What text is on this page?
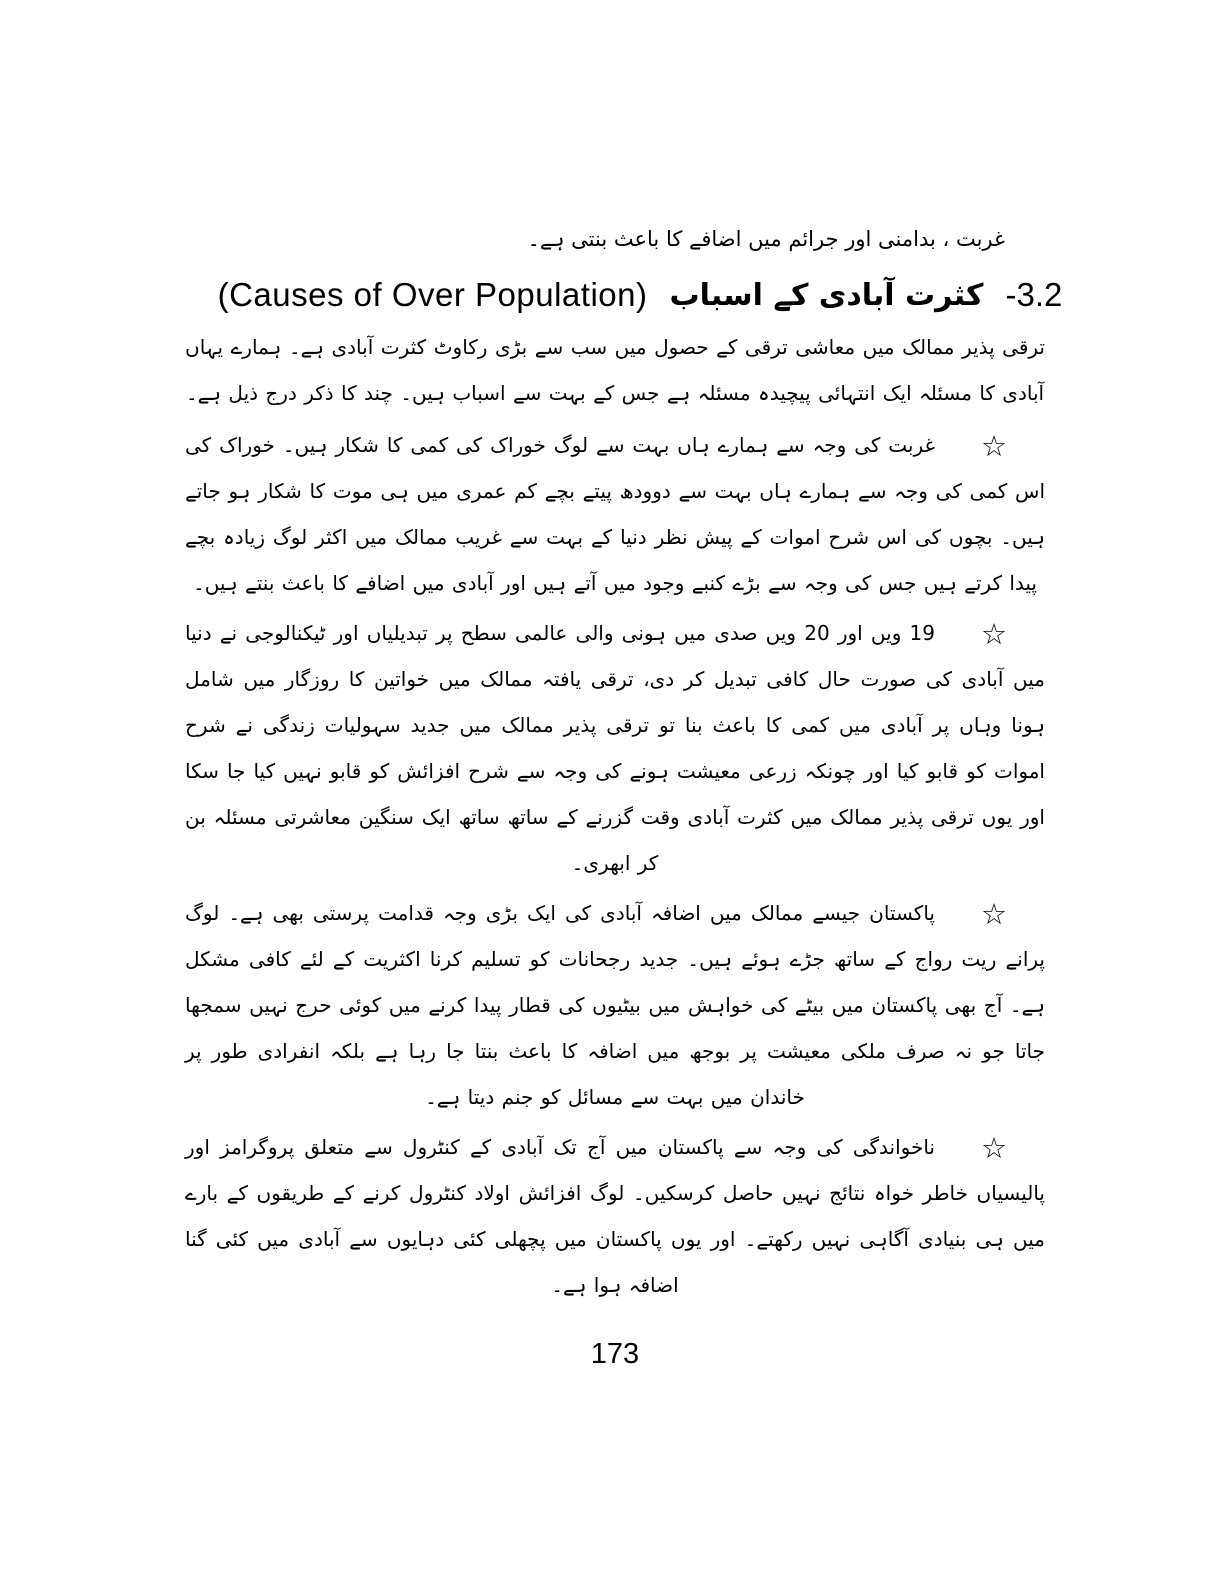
غربت ، بدامنی اور جرائم میں اضافے کا باعث بنتی ہے۔

(Causes of Over Population) کثرت آبادی کے اسباب -3.2

ترقی پذیر ممالک میں معاشی ترقی کے حصول میں سب سے بڑی رکاوٹ کثرت آبادی ہے۔ ہمارے یہاں آبادی کا مسئلہ ایک انتہائی پیچیدہ مسئلہ ہے جس کے بہت سے اسباب ہیں۔ چند کا ذکر درج ذیل ہے۔

☆

غربت کی وجہ سے ہمارے ہاں بہت سے لوگ خوراک کی کمی کا شکار ہیں۔ خوراک کی اس کمی کی وجہ سے ہمارے ہاں بہت سے دوودھ پیتے بچے کم عمری میں ہی موت کا شکار ہو جاتے ہیں۔ بچوں کی اس شرح اموات کے پیش نظر دنیا کے بہت سے غریب ممالک میں اکثر لوگ زیادہ بچے پیدا کرتے ہیں جس کی وجہ سے بڑے کنبے وجود میں آتے ہیں اور آبادی میں اضافے کا باعث بنتے ہیں۔

☆

19 ویں اور 20 ویں صدی میں ہونی والی عالمی سطح پر تبدیلیاں اور ٹیکنالوجی نے دنیا میں آبادی کی صورت حال کافی تبدیل کر دی، ترقی یافتہ ممالک میں خواتین کا روزگار میں شامل ہونا وہاں پر آبادی میں کمی کا باعث بنا تو ترقی پذیر ممالک میں جدید سہولیات زندگی نے شرح اموات کو قابو کیا اور چونکہ زرعی معیشت ہونے کی وجہ سے شرح افزائش کو قابو نہیں کیا جا سکا اور یوں ترقی پذیر ممالک میں کثرت آبادی وقت گزرنے کے ساتھ ساتھ ایک سنگین معاشرتی مسئلہ بن کر ابھری۔

☆

پاکستان جیسے ممالک میں اضافہ آبادی کی ایک بڑی وجہ قدامت پرستی بھی ہے۔ لوگ پرانے ریت رواج کے ساتھ جڑے ہوئے ہیں۔ جدید رجحانات کو تسلیم کرنا اکثریت کے لئے کافی مشکل ہے۔ آج بھی پاکستان میں بیٹے کی خواہش میں بیٹیوں کی قطار پیدا کرنے میں کوئی حرج نہیں سمجھا جاتا جو نہ صرف ملکی معیشت پر بوجھ میں اضافہ کا باعث بنتا جا رہا ہے بلکہ انفرادی طور پر خاندان میں بہت سے مسائل کو جنم دیتا ہے۔

☆

ناخواندگی کی وجہ سے پاکستان میں آج تک آبادی کے کنٹرول سے متعلق پروگرامز اور پالیسیاں خاطر خواہ نتائج نہیں حاصل کرسکیں۔ لوگ افزائش اولاد کنٹرول کرنے کے طریقوں کے بارے میں ہی بنیادی آگاہی نہیں رکھتے۔ اور یوں پاکستان میں پچھلی کئی دہایوں سے آبادی میں کئی گنا اضافہ ہوا ہے۔

173
